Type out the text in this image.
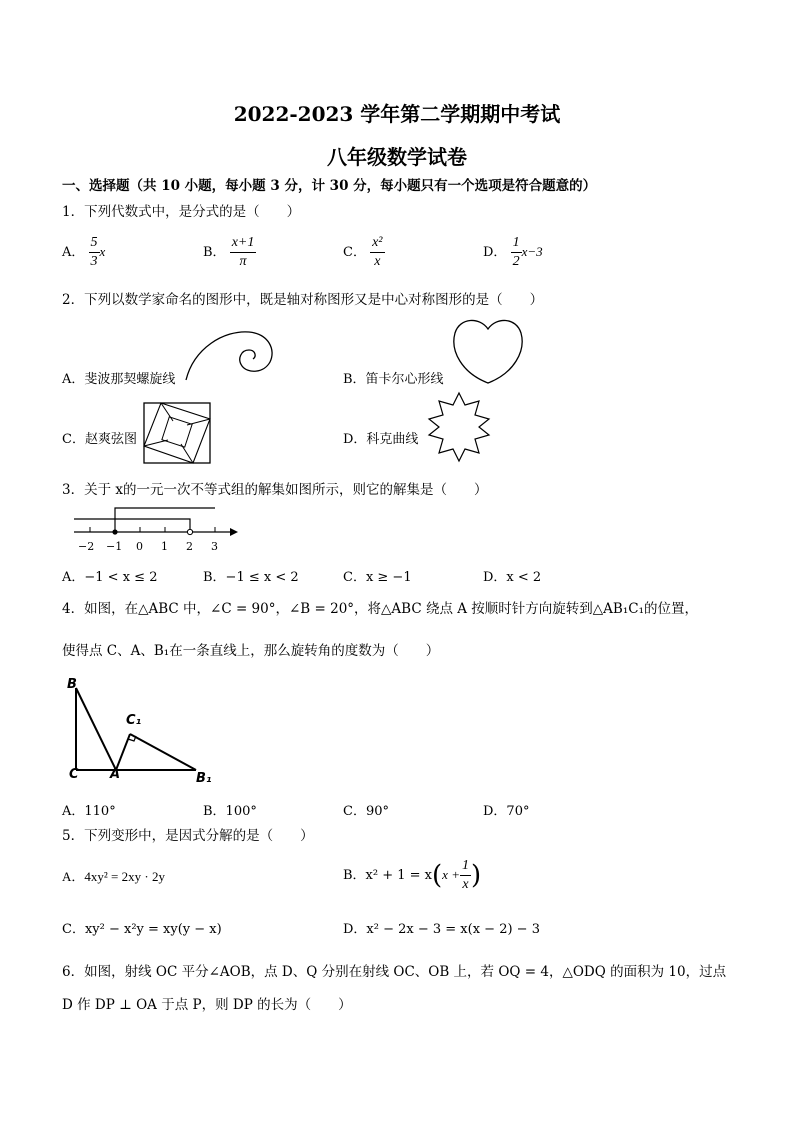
2022-2023 学年第二学期期中考试
八年级数学试卷
一、选择题（共 10 小题，每小题 3 分，计 30 分，每小题只有一个选项是符合题意的）
1．下列代数式中，是分式的是（　　）
A． $\frac{5}{3}$ x	B． $\frac{x+1}{\pi}$	C． $\frac{\text{x²}}{x}$	D． $\frac{1}{2} x-3$
2．下列以数学家命名的图形中，既是轴对称图形又是中心对称图形的是（　　）
A．斐波那契螺旋线	B．笛卡尔心形线
C．赵爽弦图	D．科克曲线
3．关于 x的一元一次不等式组的解集如图所示，则它的解集是（　　）
−2 −1 0 1 2 3
A．−1 < x ≤ 2	B．−1 ≤ x < 2	C．x ≥ −1	D．x < 2
4．如图，在△ABC 中，∠C = 90°，∠B = 20°，将△ABC 绕点 A 按顺时针方向旋转到△AB₁C₁的位置，
使得点 C、A、B₁在一条直线上，那么旋转角的度数为（　　）
B
C A
C₁
B₁
A．110°	B．100°	C．90°	D．70°
5．下列变形中，是因式分解的是（　　）
A．4xy² = 2xy · 2y	B．$x^2 + 1 = x(x + \frac{1}{x}$ )
C．xy² − x²y = xy(y − x)	D．x² − 2x − 3 = x(x − 2) − 3
6．如图，射线 OC 平分∠AOB，点 D、Q 分别在射线 OC、OB 上，若 OQ = 4，△ODQ 的面积为 10，过点
D 作 DP ⊥ OA 于点 P，则 DP 的长为（　　）
